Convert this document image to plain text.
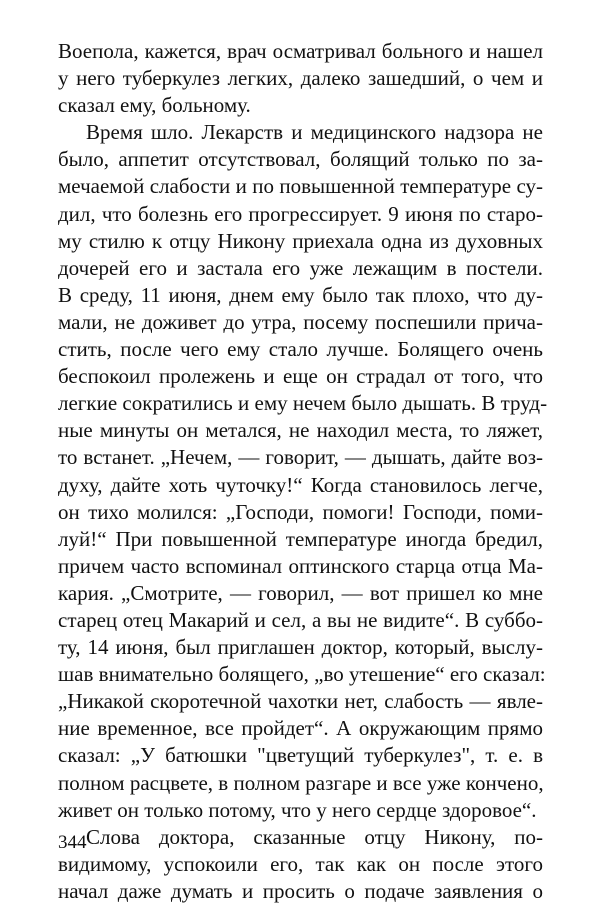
Воепола, кажется, врач осматривал больного и нашел
у него туберкулез легких, далеко зашедший, о чем и
сказал ему, больному.
Время шло. Лекарств и медицинского надзора не
было, аппетит отсутствовал, болящий только по за-
мечаемой слабости и по повышенной температуре су-
дил, что болезнь его прогрессирует. 9 июня по старо-
му стилю к отцу Никону приехала одна из духовных
дочерей его и застала его уже лежащим в постели.
В среду, 11 июня, днем ему было так плохо, что ду-
мали, не доживет до утра, посему поспешили прича-
стить, после чего ему стало лучше. Болящего очень
беспокоил пролежень и еще он страдал от того, что
легкие сократились и ему нечем было дышать. В труд-
ные минуты он метался, не находил места, то ляжет,
то встанет. „Нечем, — говорит, — дышать, дайте воз-
духу, дайте хоть чуточку!“ Когда становилось легче,
он тихо молился: „Господи, помоги! Господи, поми-
луй!“ При повышенной температуре иногда бредил,
причем часто вспоминал оптинского старца отца Ма-
кария. „Смотрите, — говорил, — вот пришел ко мне
старец отец Макарий и сел, а вы не видите“. В суббо-
ту, 14 июня, был приглашен доктор, который, выслу-
шав внимательно болящего, „во утешение“ его сказал:
„Никакой скоротечной чахотки нет, слабость — явле-
ние временное, все пройдет“. А окружающим прямо
сказал: „У батюшки "цветущий туберкулез", т. е. в
полном расцвете, в полном разгаре и все уже кончено,
живет он только потому, что у него сердце здоровое“.
Слова доктора, сказанные отцу Никону, по-
видимому, успокоили его, так как он после этого
начал даже думать и просить о подаче заявления о
344
